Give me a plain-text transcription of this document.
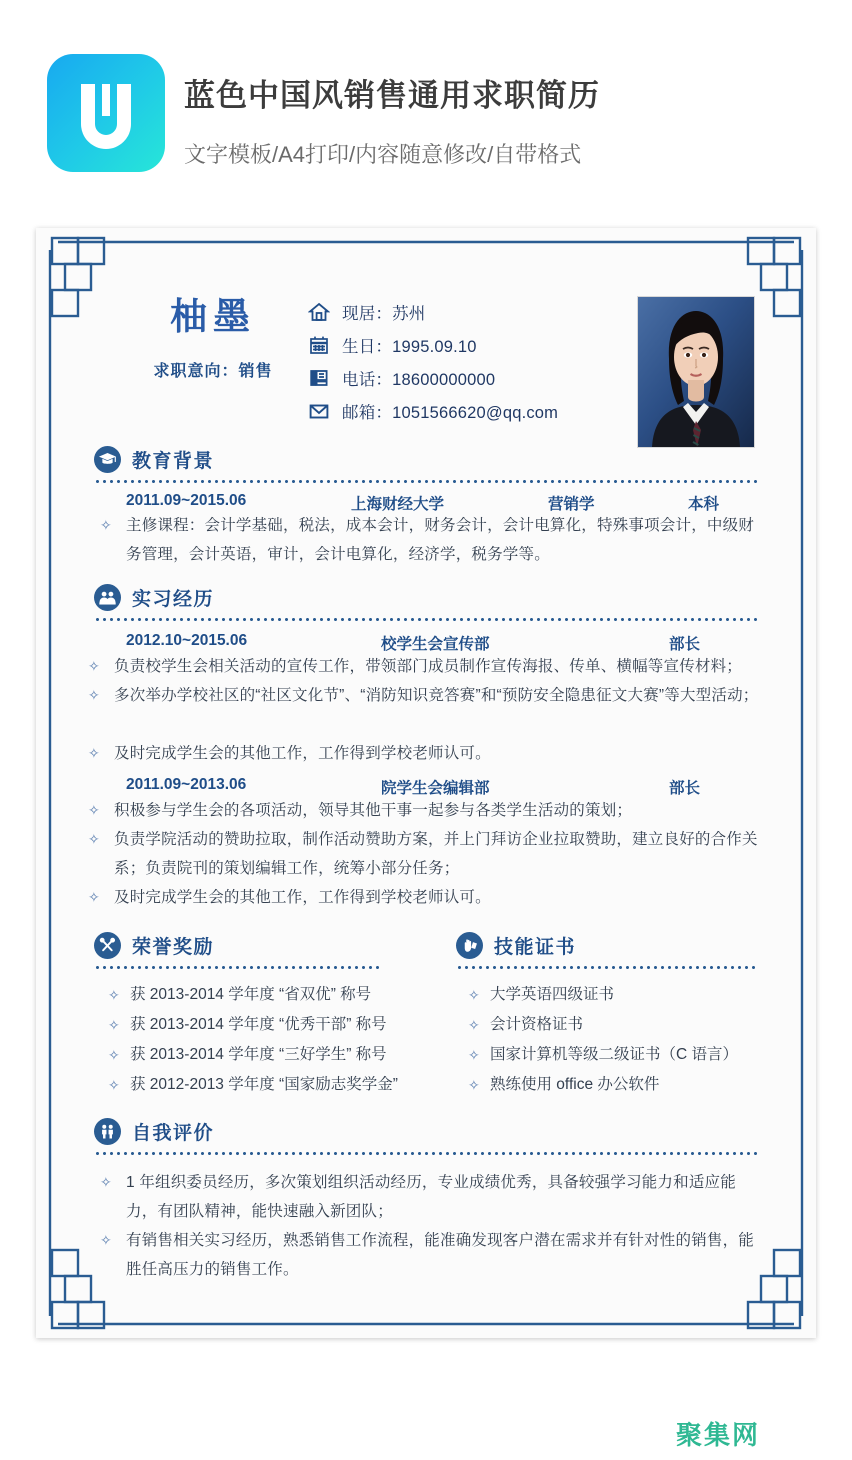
蓝色中国风销售通用求职简历
文字模板/A4打印/内容随意修改/自带格式
柚墨
求职意向：销售
现居：苏州
生日：1995.09.10
电话：18600000000
邮箱：1051566620@qq.com
教育背景
2011.09~2015.06	上海财经大学	营销学	本科
✧ 主修课程：会计学基础，税法，成本会计，财务会计，会计电算化，特殊事项会计，中级财务管理，会计英语，审计，会计电算化，经济学，税务学等。
实习经历
2012.10~2015.06	校学生会宣传部	部长
✧ 负责校学生会相关活动的宣传工作，带领部门成员制作宣传海报、传单、横幅等宣传材料；
✧ 多次举办学校社区的“社区文化节”、“消防知识竞答赛”和“预防安全隐患征文大赛”等大型活动；
✧ 及时完成学生会的其他工作，工作得到学校老师认可。
2011.09~2013.06	院学生会编辑部	部长
✧ 积极参与学生会的各项活动，领导其他干事一起参与各类学生活动的策划；
✧ 负责学院活动的赞助拉取，制作活动赞助方案，并上门拜访企业拉取赞助，建立良好的合作关系；负责院刊的策划编辑工作，统筹小部分任务；
✧ 及时完成学生会的其他工作，工作得到学校老师认可。
荣誉奖励	技能证书
✧ 获 2013-2014 学年度 “省双优” 称号
✧ 获 2013-2014 学年度 “优秀干部” 称号
✧ 获 2013-2014 学年度 “三好学生” 称号
✧ 获 2012-2013 学年度 “国家励志奖学金”
✧ 大学英语四级证书
✧ 会计资格证书
✧ 国家计算机等级二级证书（C 语言）
✧ 熟练使用 office 办公软件
自我评价
✧ 1 年组织委员经历，多次策划组织活动经历，专业成绩优秀，具备较强学习能力和适应能力，有团队精神，能快速融入新团队；
✧ 有销售相关实习经历，熟悉销售工作流程，能准确发现客户潜在需求并有针对性的销售，能胜任高压力的销售工作。
聚集网
